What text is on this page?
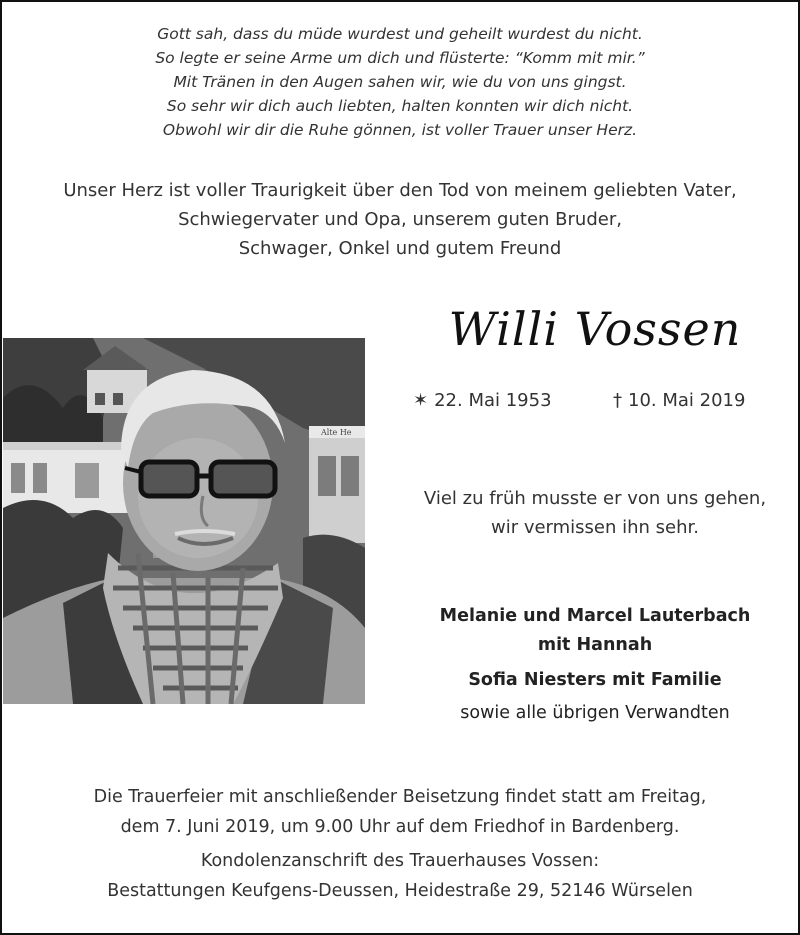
Gott sah, dass du müde wurdest und geheilt wurdest du nicht.
So legte er seine Arme um dich und flüsterte: “Komm mit mir.”
Mit Tränen in den Augen sahen wir, wie du von uns gingst.
So sehr wir dich auch liebten, halten konnten wir dich nicht.
Obwohl wir dir die Ruhe gönnen, ist voller Trauer unser Herz.
Unser Herz ist voller Traurigkeit über den Tod von meinem geliebten Vater,
Schwiegervater und Opa, unserem guten Bruder,
Schwager, Onkel und gutem Freund
Alte He
Willi Vossen
✶ 22. Mai 1953	† 10. Mai 2019
Viel zu früh musste er von uns gehen,
wir vermissen ihn sehr.
Melanie und Marcel Lauterbach
mit Hannah
Sofia Niesters mit Familie
sowie alle übrigen Verwandten
Die Trauerfeier mit anschließender Beisetzung findet statt am Freitag,
dem 7. Juni 2019, um 9.00 Uhr auf dem Friedhof in Bardenberg.
Kondolenzanschrift des Trauerhauses Vossen:
Bestattungen Keufgens-Deussen, Heidestraße 29, 52146 Würselen
